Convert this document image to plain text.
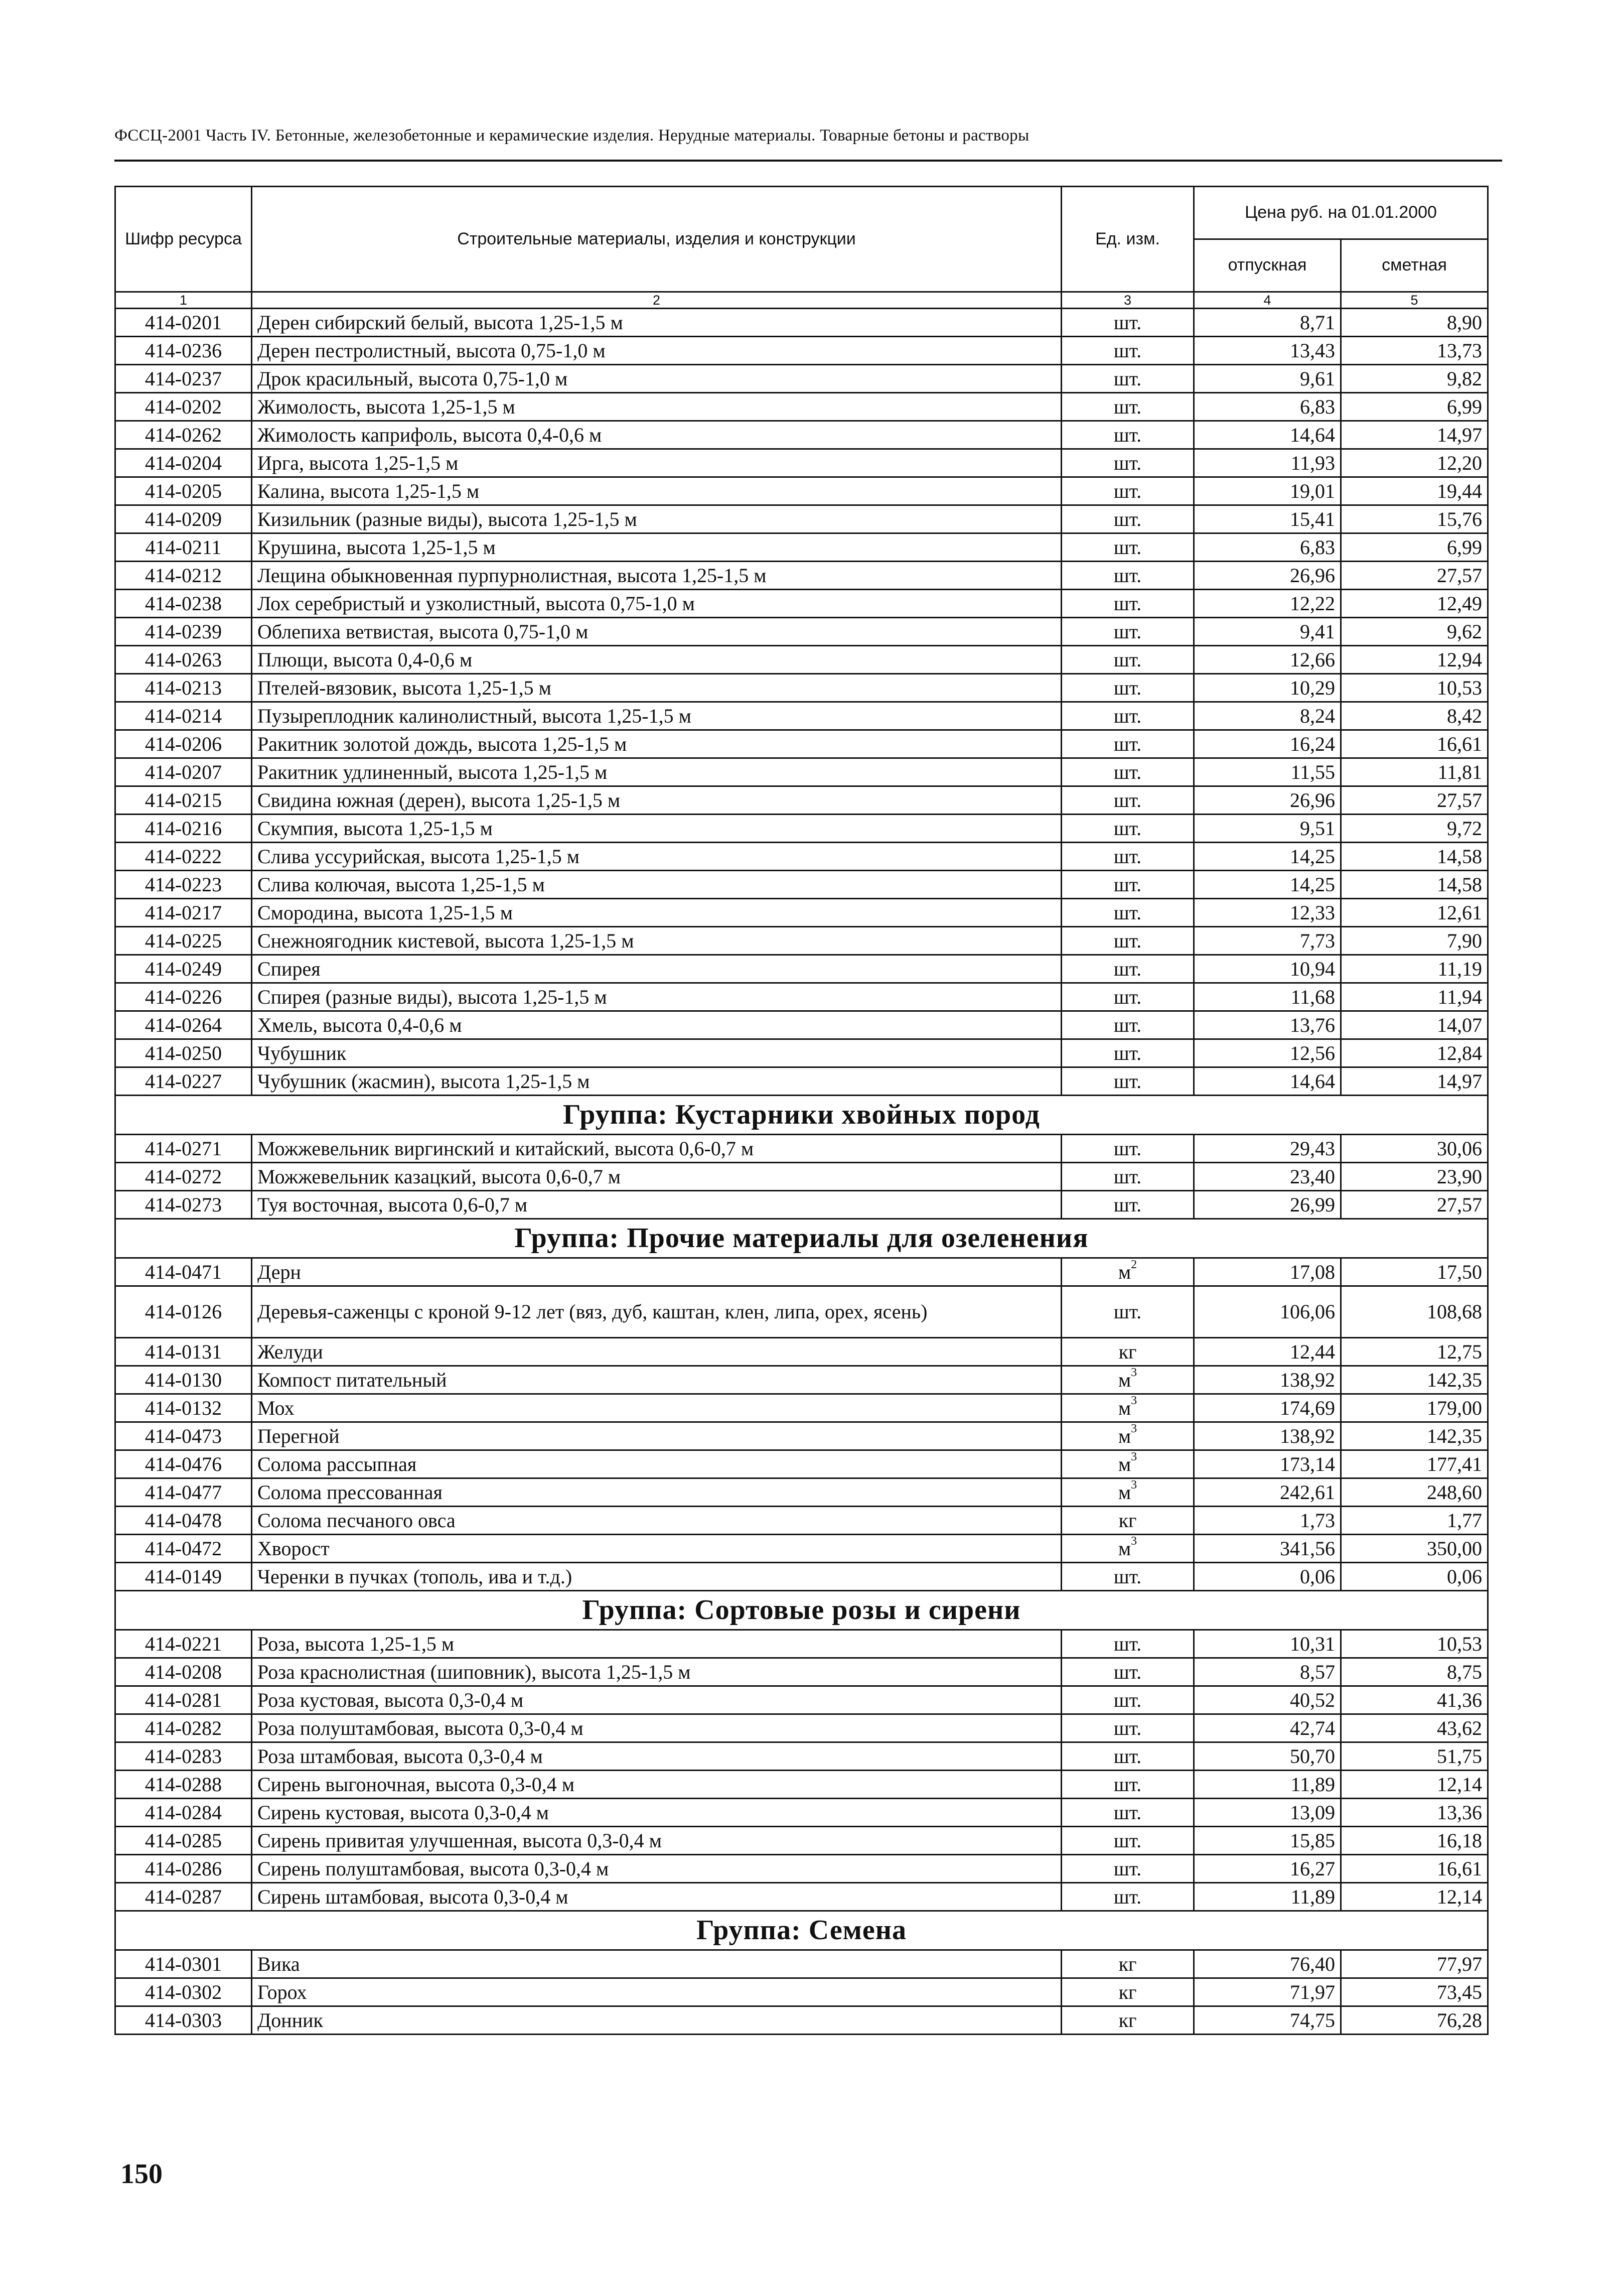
ФССЦ-2001 Часть IV. Бетонные, железобетонные и керамические изделия. Нерудные материалы. Товарные бетоны и растворы
Шифр ресурса	Строительные материалы, изделия и конструкции	Ед. изм.	Цена руб. на 01.01.2000	
			отпускная	сметная
1	2	3	4	5
414-0201	Дерен сибирский белый, высота 1,25-1,5 м	шт.	8,71	8,90
414-0236	Дерен пестролистный, высота 0,75-1,0 м	шт.	13,43	13,73
414-0237	Дрок красильный, высота 0,75-1,0 м	шт.	9,61	9,82
414-0202	Жимолость, высота 1,25-1,5 м	шт.	6,83	6,99
414-0262	Жимолость каприфоль, высота 0,4-0,6 м	шт.	14,64	14,97
414-0204	Ирга, высота 1,25-1,5 м	шт.	11,93	12,20
414-0205	Калина, высота 1,25-1,5 м	шт.	19,01	19,44
414-0209	Кизильник (разные виды), высота 1,25-1,5 м	шт.	15,41	15,76
414-0211	Крушина, высота 1,25-1,5 м	шт.	6,83	6,99
414-0212	Лещина обыкновенная пурпурнолистная, высота 1,25-1,5 м	шт.	26,96	27,57
414-0238	Лох серебристый и узколистный, высота 0,75-1,0 м	шт.	12,22	12,49
414-0239	Облепиха ветвистая, высота 0,75-1,0 м	шт.	9,41	9,62
414-0263	Плющи, высота 0,4-0,6 м	шт.	12,66	12,94
414-0213	Птелей-вязовик, высота 1,25-1,5 м	шт.	10,29	10,53
414-0214	Пузыреплодник калинолистный, высота 1,25-1,5 м	шт.	8,24	8,42
414-0206	Ракитник золотой дождь, высота 1,25-1,5 м	шт.	16,24	16,61
414-0207	Ракитник удлиненный, высота 1,25-1,5 м	шт.	11,55	11,81
414-0215	Свидина южная (дерен), высота 1,25-1,5 м	шт.	26,96	27,57
414-0216	Скумпия, высота 1,25-1,5 м	шт.	9,51	9,72
414-0222	Слива уссурийская, высота 1,25-1,5 м	шт.	14,25	14,58
414-0223	Слива колючая, высота 1,25-1,5 м	шт.	14,25	14,58
414-0217	Смородина, высота 1,25-1,5 м	шт.	12,33	12,61
414-0225	Снежноягодник кистевой, высота 1,25-1,5 м	шт.	7,73	7,90
414-0249	Спирея	шт.	10,94	11,19
414-0226	Спирея (разные виды), высота 1,25-1,5 м	шт.	11,68	11,94
414-0264	Хмель, высота 0,4-0,6 м	шт.	13,76	14,07
414-0250	Чубушник	шт.	12,56	12,84
414-0227	Чубушник (жасмин), высота 1,25-1,5 м	шт.	14,64	14,97
Группа: Кустарники хвойных пород				
414-0271	Можжевельник виргинский и китайский, высота 0,6-0,7 м	шт.	29,43	30,06
414-0272	Можжевельник казацкий, высота 0,6-0,7 м	шт.	23,40	23,90
414-0273	Туя восточная, высота 0,6-0,7 м	шт.	26,99	27,57
Группа: Прочие материалы для озеленения				
414-0471	Дерн	$м^2$	17,08	17,50
414-0126	Деревья-саженцы с кроной 9-12 лет (вяз, дуб, каштан, клен, липа, орех, ясень)	шт.	106,06	108,68
414-0131	Желуди	кг	12,44	12,75
414-0130	Компост питательный	$м^3$	138,92	142,35
414-0132	Мох	$м^3$	174,69	179,00
414-0473	Перегной	$м^3$	138,92	142,35
414-0476	Солома рассыпная	$м^3$	173,14	177,41
414-0477	Солома прессованная	$м^3$	242,61	248,60
414-0478	Солома песчаного овса	кг	1,73	1,77
414-0472	Хворост	$м^3$	341,56	350,00
414-0149	Черенки в пучках (тополь, ива и т.д.)	шт.	0,06	0,06
Группа: Сортовые розы и сирени				
414-0221	Роза, высота 1,25-1,5 м	шт.	10,31	10,53
414-0208	Роза краснолистная (шиповник), высота 1,25-1,5 м	шт.	8,57	8,75
414-0281	Роза кустовая, высота 0,3-0,4 м	шт.	40,52	41,36
414-0282	Роза полуштамбовая, высота 0,3-0,4 м	шт.	42,74	43,62
414-0283	Роза штамбовая, высота 0,3-0,4 м	шт.	50,70	51,75
414-0288	Сирень выгоночная, высота 0,3-0,4 м	шт.	11,89	12,14
414-0284	Сирень кустовая, высота 0,3-0,4 м	шт.	13,09	13,36
414-0285	Сирень привитая улучшенная, высота 0,3-0,4 м	шт.	15,85	16,18
414-0286	Сирень полуштамбовая, высота 0,3-0,4 м	шт.	16,27	16,61
414-0287	Сирень штамбовая, высота 0,3-0,4 м	шт.	11,89	12,14
Группа: Семена				
414-0301	Вика	кг	76,40	77,97
414-0302	Горох	кг	71,97	73,45
414-0303	Донник	кг	74,75	76,28
150
